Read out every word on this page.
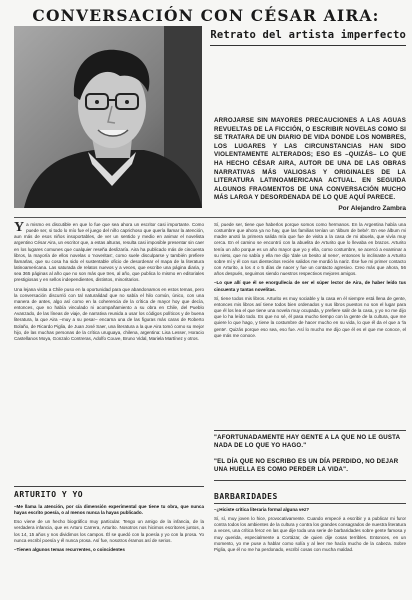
CONVERSACIÓN CON CÉSAR AIRA:
Retrato del artista imperfecto
ARROJARSE SIN MAYORES PRECAUCIONES A LAS AGUAS REVUELTAS DE LA FICCIÓN, O ESCRIBIR NOVELAS COMO SI SE TRATARA DE UN DIARIO DE VIDA DONDE LOS NOMBRES, LOS LUGARES Y LAS CIRCUNSTANCIAS HAN SIDO VIOLENTAMENTE ALTERADOS; ESO ES –QUIZÁS– LO QUE HA HECHO CÉSAR AIRA, AUTOR DE UNA DE LAS OBRAS NARRATIVAS MÁS VALIOSAS Y ORIGINALES DE LA LITERATURA LATINOAMERICANA ACTUAL. EN SEGUIDA ALGUNOS FRAGMENTOS DE UNA CONVERSACIÓN MUCHO MÁS LARGA Y DESORDENADA DE LO QUE AQUÍ PARECE.
Por Alejandro Zambra

Ya mismo es discutible en que lo fue que sea ahora un escritor casi importante. Como puede ser, si todo lo mío fue el juego del niño caprichoso que quería llamar la atención, aun más de esos niños insoportables, de ver un sentido y medio en animar el novelista argentino César Aira, un escritor que, a estas alturas, resulta casi imposible presentar sin caer en los lugares comunes que cualquier reseña deslizaría. Aira ha publicado más de cincuenta libros, la mayoría de ellos novelas o 'noveritas', como suele disculparse y también prefiere llamarlas, que su cosa ha sido el sustentable oficio de desordenar el mapa de la literatura latinoamericana. Las saturada de relatos nuevos y a veces, que escribe una página diaria, y sea 365 páginas al año que no son más que tres, al año, que publica lo mismo en editoriales prestigiosas y en sellos independientes, distintos, minoritarios.

Una lejana visita a Chile puso en la oportunidad para que abandonamos en estos temas, pero la conversación discurrió con tal naturalidad que no sabía el hilo común, único, con una manera de antes, algo así como en la coherencia de la crítica de mayor hoy que decía, entonces, que no había vinculado ni acompañamiento a su obra en Chile, del Pueblo Avanzado, de las líneas de viaje, de narrativa reunida a usar los códigos políticos y de buena literatura, la que Aira –muy a su pesar– encarna una de las figuras más caras de Roberto Bolaño, de Ricardo Piglia, de Juan José Saer, una literatura a la que Aira tomó como su mejor hijo, de las muchas personas de la crítica uruguaya, chilena, argentina: Lisa Lesser, Horacio Castellanos Moya, Gonzalo Contreras, Adolfo Couve, Bruno Vidal, Mariela Martínez y otros.

ARTURITO Y YO

–Me llama la atención, por cía dimensión experimental que tiene tu obra, que nunca hayas escrito poesía, o al menos nunca la hayas publicado.

Eso viene de un hecho biográfico muy particular. Tengo un amigo de la infancia, de la verdadera infancia, que es Arturo Carrera, Arturito. Nosotros nos hicimos escritores juntos, a los 14, 15 años y nos dividimos los campos. Él se quedó con la poesía y yo con la prosa. Yo nunca escribí poesía y él nunca prosa. Así fue, nosotros éramos así de serios.

–Tienen algunos temas recurrentes, o coincidentes

Sí, puede ser, tiene que haberlos porque somos como hermanos. En la Argentina había una costumbre que ahora ya no hay, que las familias tenían un 'álbum de bebé'. En ese álbum mi madre anotó la primera salida mía que fue de visita a la casa de mi abuela, que vivía muy cerca. En el camino se encontró con la abuelita de Arturito que lo llevaba en brazos. Arturito tenía un año porque es un año mayor que yo y ella, como costumbre, se acercó a examinar a su nieto, que no sabía y ella me dijo 'dale un besito al nene', entonces lo inclinaste a Arturito sobre mí y él con sus dientecitos recién salidos me mordió la nariz. Ése fue mi primer contacto con Arturito, a los 4 o 5 días de nacer y fue un contacto agresivo. Creo más que ahora, 56 años después, seguimos siendo nuestros respectivos mejores amigos.

–Lo que allí que él se enorgullecía de ser el súper lector de Aira, de haber leído tus cincuenta y tantas novelitas.

Sí, tiene todos mis libros. Arturito es muy sociable y la casa en él siempre está llena de gente, entonces mis libros así tiene todos bien ordenados y sus libros puestos no son el lugar para que él los lea el que tiene una novela muy ocupada, y prefiere salir de la casa, y yo no me dijo que lo ha leído todo. Es que no sé, él pasa mucho tiempo con la gente de la cultura, que me quiere lo que hago, y tiene la costumbre de hacer mucho en su vida, lo que él da el que a 'la gente'. Quizás porque eso sea, eso fue. Así lo mucho me dijo que él es el que me conoce, el que más me conoce.

"AFORTUNADAMENTE HAY GENTE A LA QUE NO LE GUSTA NADA DE LO QUE YO HAGO."
"EL DÍA QUE NO ESCRIBO ES UN DÍA PERDIDO, NO DEJAR UNA HUELLA ES COMO PERDER LA VIDA".
BARBARIDADES

–¿Hiciste crítica literaria formal alguna vez?

Sí, sí, muy joven lo hice, provocativamente. Cuando empecé a escribir y a publicar mi furor contra todos los ambientes de la cultura y contra los grandes consagrados de nuestra literatura a veces, una crítica feroz en las que dije toda una serie de barbaridades sobre gente famosa y muy querida, especialmente a Cortázar, de quien dije cosas terribles. Entonces, en un momento, yo me puse a hablar como solía y al leer me hacía mucho de la cabeza. Sobre Piglia, que él no me ha perdonado, escribí cosas con mucha maldad.
